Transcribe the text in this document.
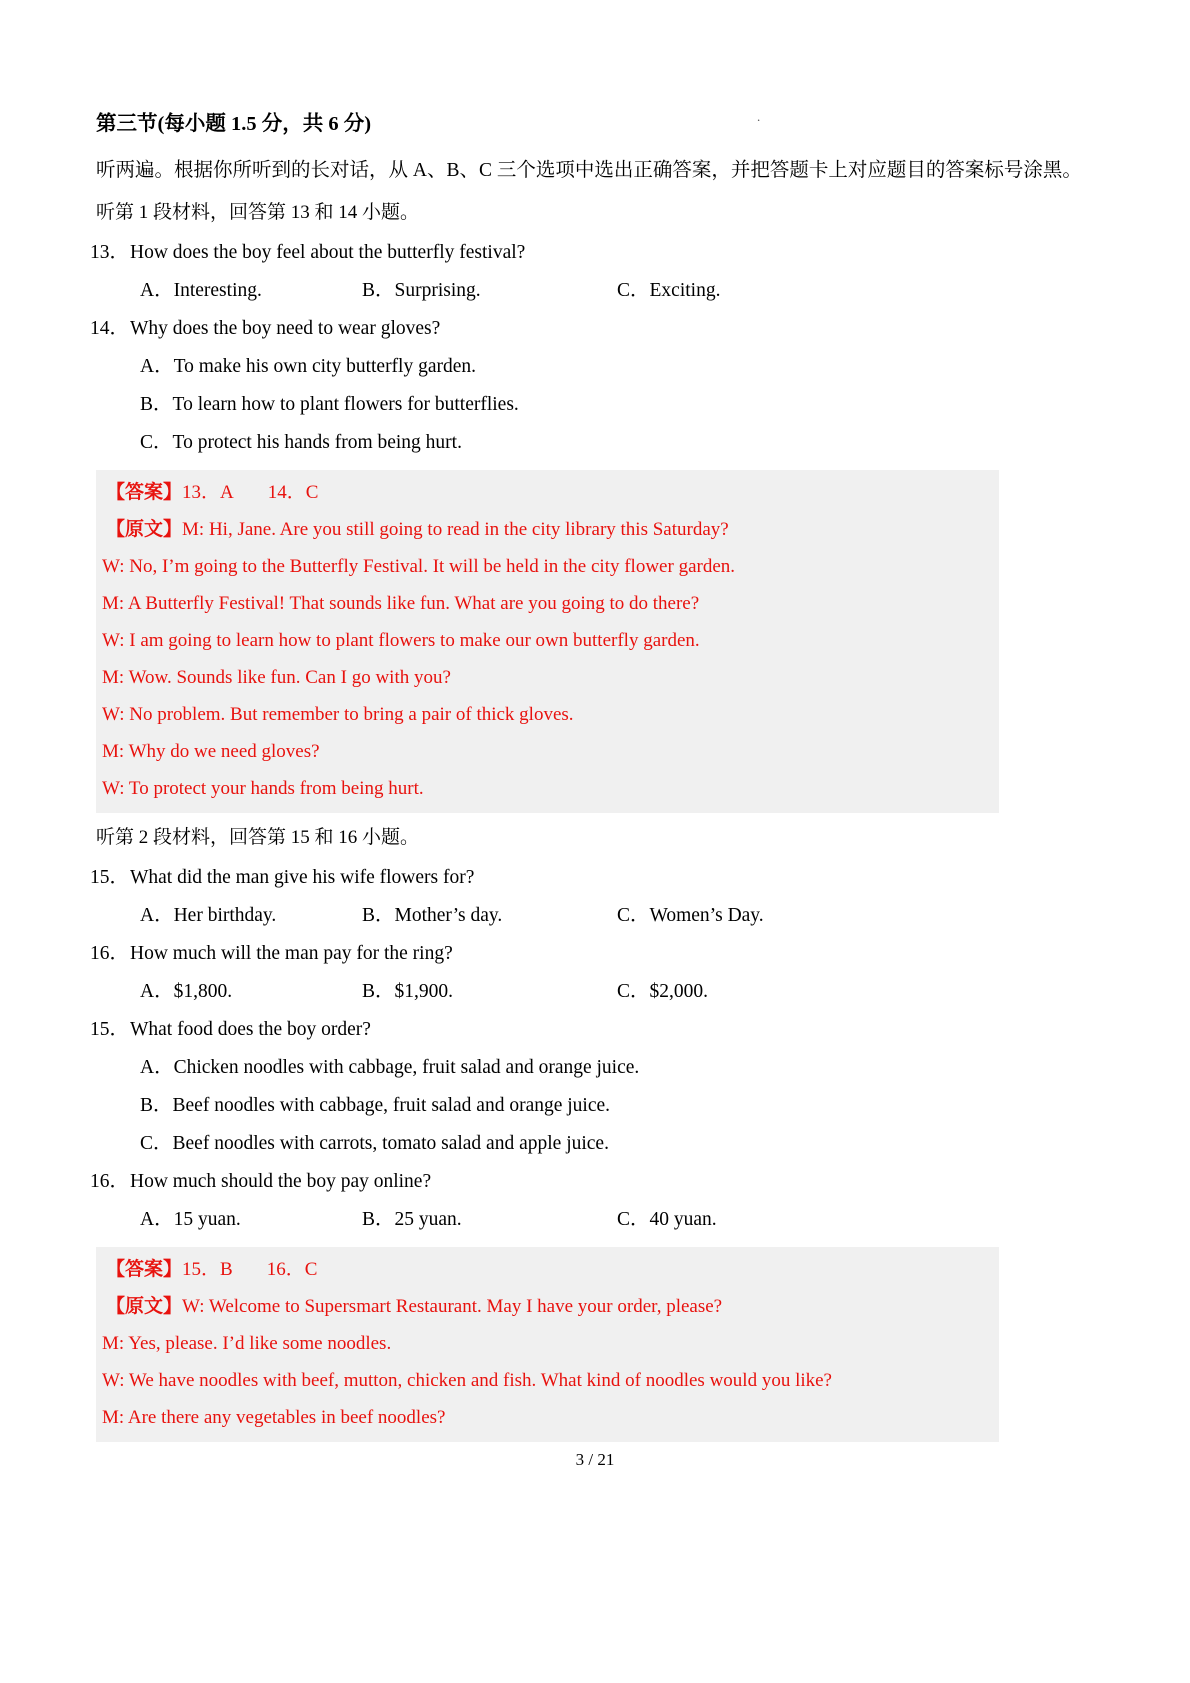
.
第三节(每小题 1.5 分，共 6 分)
听两遍。根据你所听到的长对话，从 A、B、C 三个选项中选出正确答案，并把答题卡上对应题目的答案标号涂黑。
听第 1 段材料，回答第 13 和 14 小题。
13．How does the boy feel about the butterfly festival?
A．Interesting.	B．Surprising.	C．Exciting.
14．Why does the boy need to wear gloves?
A．To make his own city butterfly garden.
B．To learn how to plant flowers for butterflies.
C．To protect his hands from being hurt.
【答案】13．A 14．C
【原文】M: Hi, Jane. Are you still going to read in the city library this Saturday?
W: No, I’m going to the Butterfly Festival. It will be held in the city flower garden.
M: A Butterfly Festival! That sounds like fun. What are you going to do there?
W: I am going to learn how to plant flowers to make our own butterfly garden.
M: Wow. Sounds like fun. Can I go with you?
W: No problem. But remember to bring a pair of thick gloves.
M: Why do we need gloves?
W: To protect your hands from being hurt.
听第 2 段材料，回答第 15 和 16 小题。
15．What did the man give his wife flowers for?
A．Her birthday.	B．Mother’s day.	C．Women’s Day.
16．How much will the man pay for the ring?
A．$1,800.	B．$1,900.	C．$2,000.
15．What food does the boy order?
A．Chicken noodles with cabbage, fruit salad and orange juice.
B．Beef noodles with cabbage, fruit salad and orange juice.
C．Beef noodles with carrots, tomato salad and apple juice.
16．How much should the boy pay online?
A．15 yuan.	B．25 yuan.	C．40 yuan.
【答案】15．B 16．C
【原文】W: Welcome to Supersmart Restaurant. May I have your order, please?
M: Yes, please. I’d like some noodles.
W: We have noodles with beef, mutton, chicken and fish. What kind of noodles would you like?
M: Are there any vegetables in beef noodles?
3 / 21
